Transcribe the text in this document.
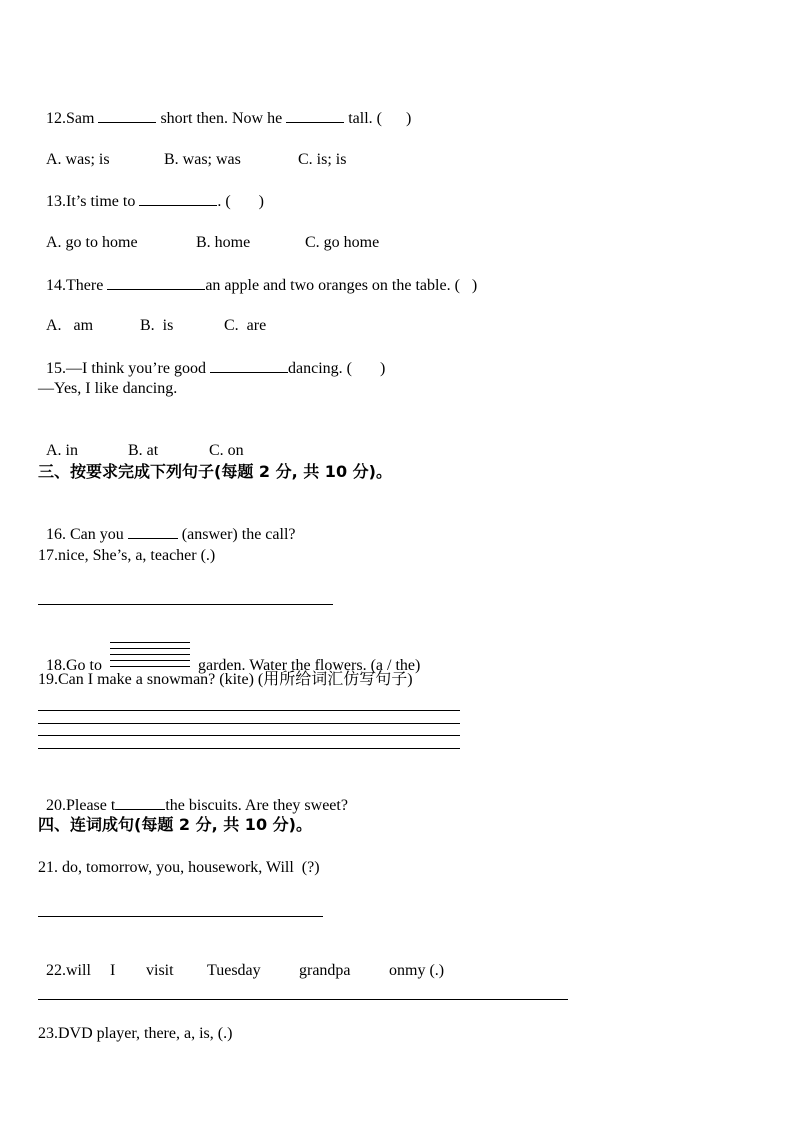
12.Sam	short then. Now he	tall. (      )

A. was; is	B. was; was	C. is; is

13.It’s time to	. (       )

A. go to home	B. home	C. go home

14.There	an apple and two oranges on the table. (   )

A.   am	B.  is	C.  are

15.—I think you’re good	dancing. (       )

—Yes, I like dancing.

A. in	B. at	C. on

三、按要求完成下列句子(每题 2 分, 共 10 分)。

16. Can you	(answer) the call?

17.nice, She’s, a, teacher (.)

18.Go to	garden. Water the flowers. (a / the)

19.Can I make a snowman? (kite) (用所给词汇仿写句子)

20.Please t	the biscuits. Are they sweet?

四、连词成句(每题 2 分, 共 10 分)。
21. do, tomorrow, you, housework, Will  (?)

22.will I visit Tuesday grandpa onmy (.)

23.DVD player, there, a, is, (.)
